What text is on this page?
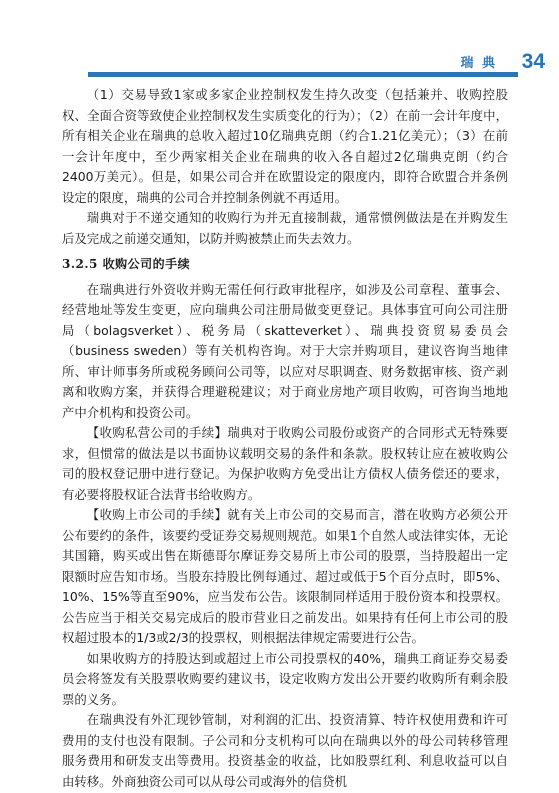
瑞 典 34

（1）交易导致1家或多家企业控制权发生持久改变（包括兼并、收购控股权、全面合资等致使企业控制权发生实质变化的行为）；（2）在前一会计年度中，所有相关企业在瑞典的总收入超过10亿瑞典克朗（约合1.21亿美元）；（3）在前一会计年度中，至少两家相关企业在瑞典的收入各自超过2亿瑞典克朗（约合2400万美元）。但是，如果公司合并在欧盟设定的限度内，即符合欧盟合并条例设定的限度，瑞典的公司合并控制条例就不再适用。

瑞典对于不递交通知的收购行为并无直接制裁，通常惯例做法是在并购发生后及完成之前递交通知，以防并购被禁止而失去效力。

3.2.5 收购公司的手续

在瑞典进行外资收并购无需任何行政审批程序，如涉及公司章程、董事会、经营地址等发生变更，应向瑞典公司注册局做变更登记。具体事宜可向公司注册局（bolagsverket）、税务局（skatteverket）、瑞典投资贸易委员会（business sweden）等有关机构咨询。对于大宗并购项目，建议咨询当地律所、审计师事务所或税务顾问公司等，以应对尽职调查、财务数据审核、资产剥离和收购方案，并获得合理避税建议；对于商业房地产项目收购，可咨询当地地产中介机构和投资公司。

【收购私营公司的手续】瑞典对于收购公司股份或资产的合同形式无特殊要求，但惯常的做法是以书面协议载明交易的条件和条款。股权转让应在被收购公司的股权登记册中进行登记。为保护收购方免受出让方债权人债务偿还的要求，有必要将股权证合法背书给收购方。

【收购上市公司的手续】就有关上市公司的交易而言，潜在收购方必须公开公布要约的条件，该要约受证券交易规则规范。如果1个自然人或法律实体，无论其国籍，购买或出售在斯德哥尔摩证券交易所上市公司的股票，当持股超出一定限额时应告知市场。当股东持股比例每通过、超过或低于5个百分点时，即5%、10%、15%等直至90%，应当发布公告。该限制同样适用于股份资本和投票权。公告应当于相关交易完成后的股市营业日之前发出。如果持有任何上市公司的股权超过股本的1/3或2/3的投票权，则根据法律规定需要进行公告。

如果收购方的持股达到或超过上市公司投票权的40%，瑞典工商证券交易委员会将签发有关股票收购要约建议书，设定收购方发出公开要约收购所有剩余股票的义务。

在瑞典没有外汇现钞管制，对利润的汇出、投资清算、特许权使用费和许可费用的支付也没有限制。子公司和分支机构可以向在瑞典以外的母公司转移管理服务费用和研发支出等费用。投资基金的收益，比如股票红利、利息收益可以自由转移。外商独资公司可以从母公司或海外的信贷机
